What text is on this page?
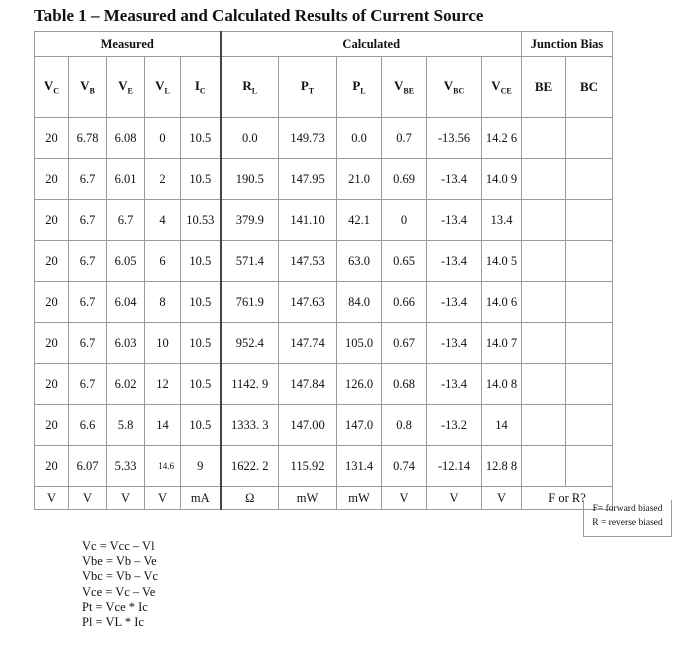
Table 1 – Measured and Calculated Results of Current Source
Measured					Calculated						Junction Bias	
$V_C$	$V_B$	$V_E$	$V_L$	$I_C$	$R_L$	$P_T$	$P_L$	$V_{BE}$	$V_{BC}$	$V_{CE}$	BE	BC
20	6.78	6.08	0	10.5	0.0	149.73	0.0	0.7	-13.56	14.2 6		
20	6.7	6.01	2	10.5	190.5	147.95	21.0	0.69	-13.4	14.0 9		
20	6.7	6.7	4	10.53	379.9	141.10	42.1	0	-13.4	13.4		
20	6.7	6.05	6	10.5	571.4	147.53	63.0	0.65	-13.4	14.0 5		
20	6.7	6.04	8	10.5	761.9	147.63	84.0	0.66	-13.4	14.0 6		
20	6.7	6.03	10	10.5	952.4	147.74	105.0	0.67	-13.4	14.0 7		
20	6.7	6.02	12	10.5	1142. 9	147.84	126.0	0.68	-13.4	14.0 8		
20	6.6	5.8	14	10.5	1333. 3	147.00	147.0	0.8	-13.2	14		
20	6.07	5.33	14.6	9	1622. 2	115.92	131.4	0.74	-12.14	12.8 8		
V	V	V	V	mA	Ω	mW	mW	V	V	V	F or R?	
F= forward biased
R = reverse biased
Vc = Vcc – Vl
Vbe = Vb – Ve
Vbc = Vb – Vc
Vce = Vc – Ve
Pt = Vce * Ic
Pl = VL * Ic
